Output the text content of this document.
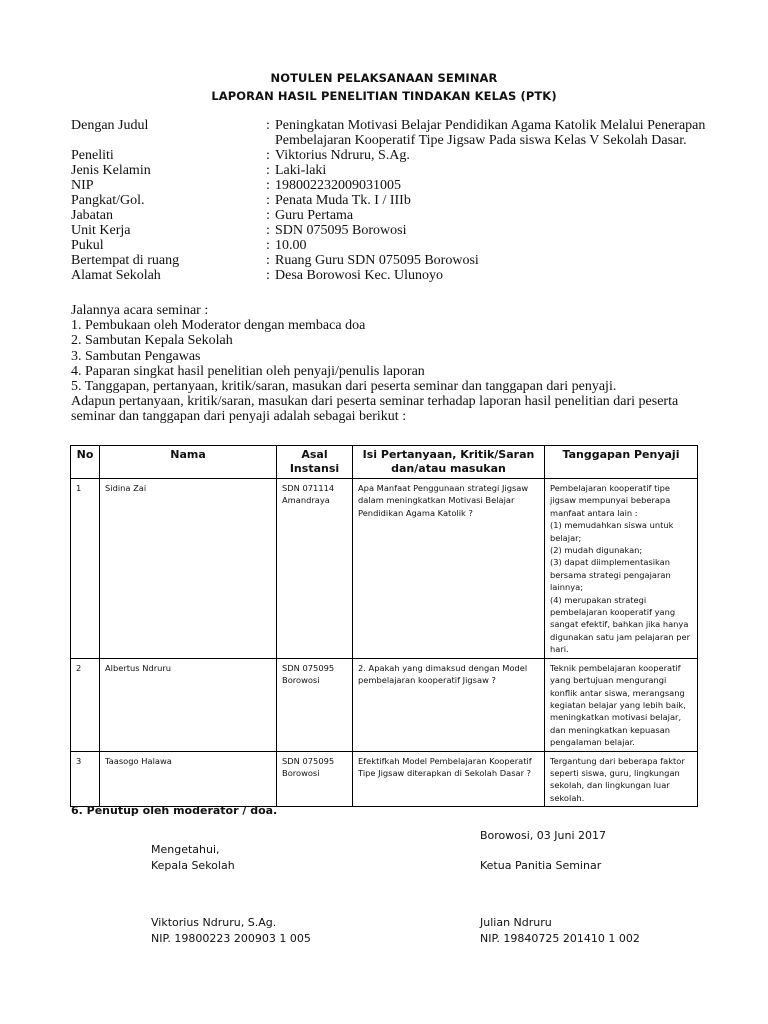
NOTULEN PELAKSANAAN SEMINAR
LAPORAN HASIL PENELITIAN TINDAKAN KELAS (PTK)
Dengan Judul	: Peningkatan Motivasi Belajar Pendidikan Agama Katolik Melalui Penerapan Pembelajaran Kooperatif Tipe Jigsaw Pada siswa Kelas V Sekolah Dasar.
Peneliti	: Viktorius Ndruru, S.Ag.
Jenis Kelamin	: Laki-laki
NIP	: 198002232009031005
Pangkat/Gol.	: Penata Muda Tk. I / IIIb
Jabatan	: Guru Pertama
Unit Kerja	: SDN 075095 Borowosi
Pukul	: 10.00
Bertempat di ruang	: Ruang Guru SDN 075095 Borowosi
Alamat Sekolah	: Desa Borowosi Kec. Ulunoyo
Jalannya acara seminar :
1. Pembukaan oleh Moderator dengan membaca doa
2. Sambutan Kepala Sekolah
3. Sambutan Pengawas
4. Paparan singkat hasil penelitian oleh penyaji/penulis laporan
5. Tanggapan, pertanyaan, kritik/saran, masukan dari peserta seminar dan tanggapan dari penyaji.
Adapun pertanyaan, kritik/saran, masukan dari peserta seminar terhadap laporan hasil penelitian dari peserta seminar dan tanggapan dari penyaji adalah sebagai berikut :
No	Nama	Asal Instansi	Isi Pertanyaan, Kritik/Saran dan/atau masukan	Tanggapan Penyaji
1	Sidina Zai	SDN 071114 Amandraya	Apa Manfaat Penggunaan strategi Jigsaw dalam meningkatkan Motivasi Belajar Pendidikan Agama Katolik ?	Pembelajaran kooperatif tipe jigsaw mempunyai beberapa manfaat antara lain :
(1) memudahkan siswa untuk belajar;
(2) mudah digunakan;
(3) dapat diimplementasikan bersama strategi pengajaran lainnya;
(4) merupakan strategi pembelajaran kooperatif yang sangat efektif, bahkan jika hanya digunakan satu jam pelajaran per hari.

2	Albertus Ndruru	SDN 075095 Borowosi	2. Apakah yang dimaksud dengan Model pembelajaran kooperatif Jigsaw ?	Teknik pembelajaran kooperatif yang bertujuan mengurangi konflik antar siswa, merangsang kegiatan belajar yang lebih baik, meningkatkan motivasi belajar, dan meningkatkan kepuasan pengalaman belajar.

3	Taasogo Halawa	SDN 075095 Borowosi	Efektifkah Model Pembelajaran Kooperatif Tipe Jigsaw diterapkan di Sekolah Dasar ?	Tergantung dari beberapa faktor seperti siswa, guru, lingkungan sekolah, dan lingkungan luar sekolah.
6. Penutup oleh moderator / doa.
Borowosi, 03 Juni 2017
Mengetahui,
Kepala Sekolah	Ketua Panitia Seminar
Viktorius Ndruru, S.Ag.
NIP. 19800223 200903 1 005
Julian Ndruru
NIP. 19840725 201410 1 002
